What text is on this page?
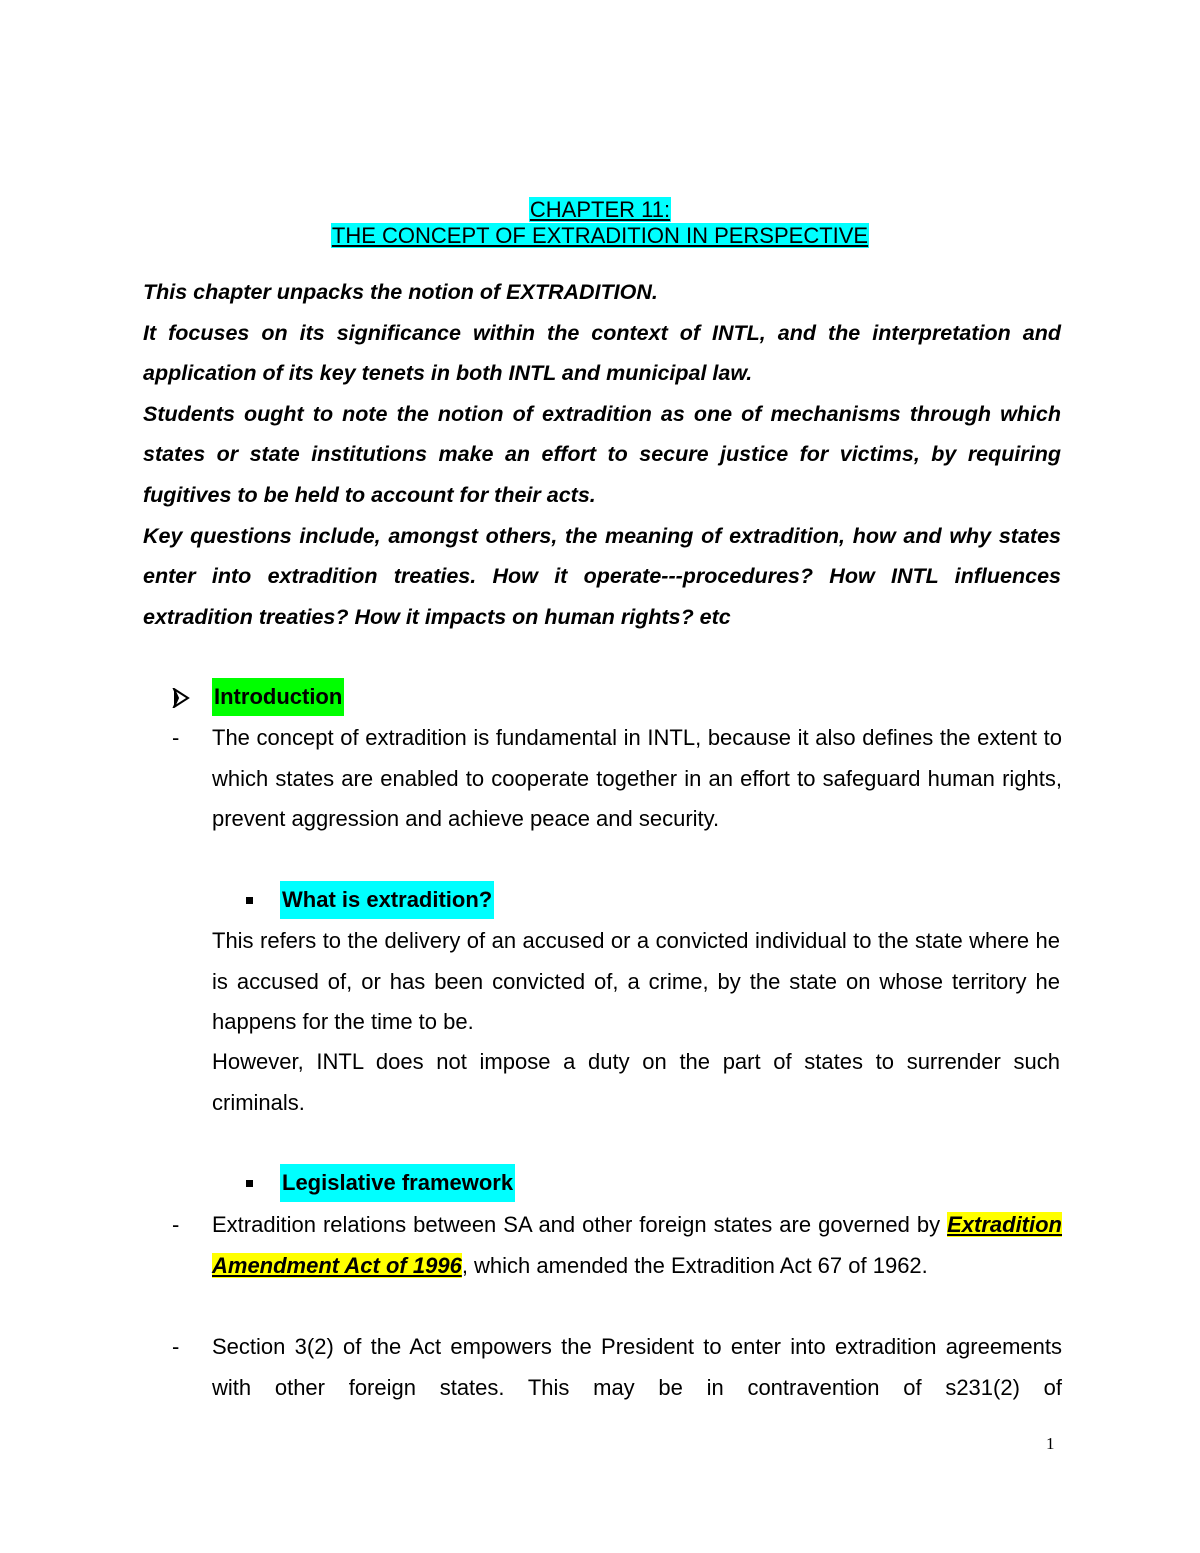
CHAPTER 11:
THE CONCEPT OF EXTRADITION IN PERSPECTIVE

This chapter unpacks the notion of EXTRADITION.

It focuses on its significance within the context of INTL, and the interpretation and application of its key tenets in both INTL and municipal law.

Students ought to note the notion of extradition as one of mechanisms through which states or state institutions make an effort to secure justice for victims, by requiring fugitives to be held to account for their acts.

Key questions include, amongst others, the meaning of extradition, how and why states enter into extradition treaties. How it operate---procedures? How INTL influences extradition treaties? How it impacts on human rights? etc

Introduction
-	The concept of extradition is fundamental in INTL, because it also defines the extent to which states are enabled to cooperate together in an effort to safeguard human rights, prevent aggression and achieve peace and security.
What is extradition?

This refers to the delivery of an accused or a convicted individual to the state where he is accused of, or has been convicted of, a crime, by the state on whose territory he happens for the time to be.

However, INTL does not impose a duty on the part of states to surrender such criminals.

Legislative framework
-	Extradition relations between SA and other foreign states are governed by Extradition Amendment Act of 1996, which amended the Extradition Act 67 of 1962.
-	Section 3(2) of the Act empowers the President to enter into extradition agreements with other foreign states. This may be in contravention of s231(2) of
1
